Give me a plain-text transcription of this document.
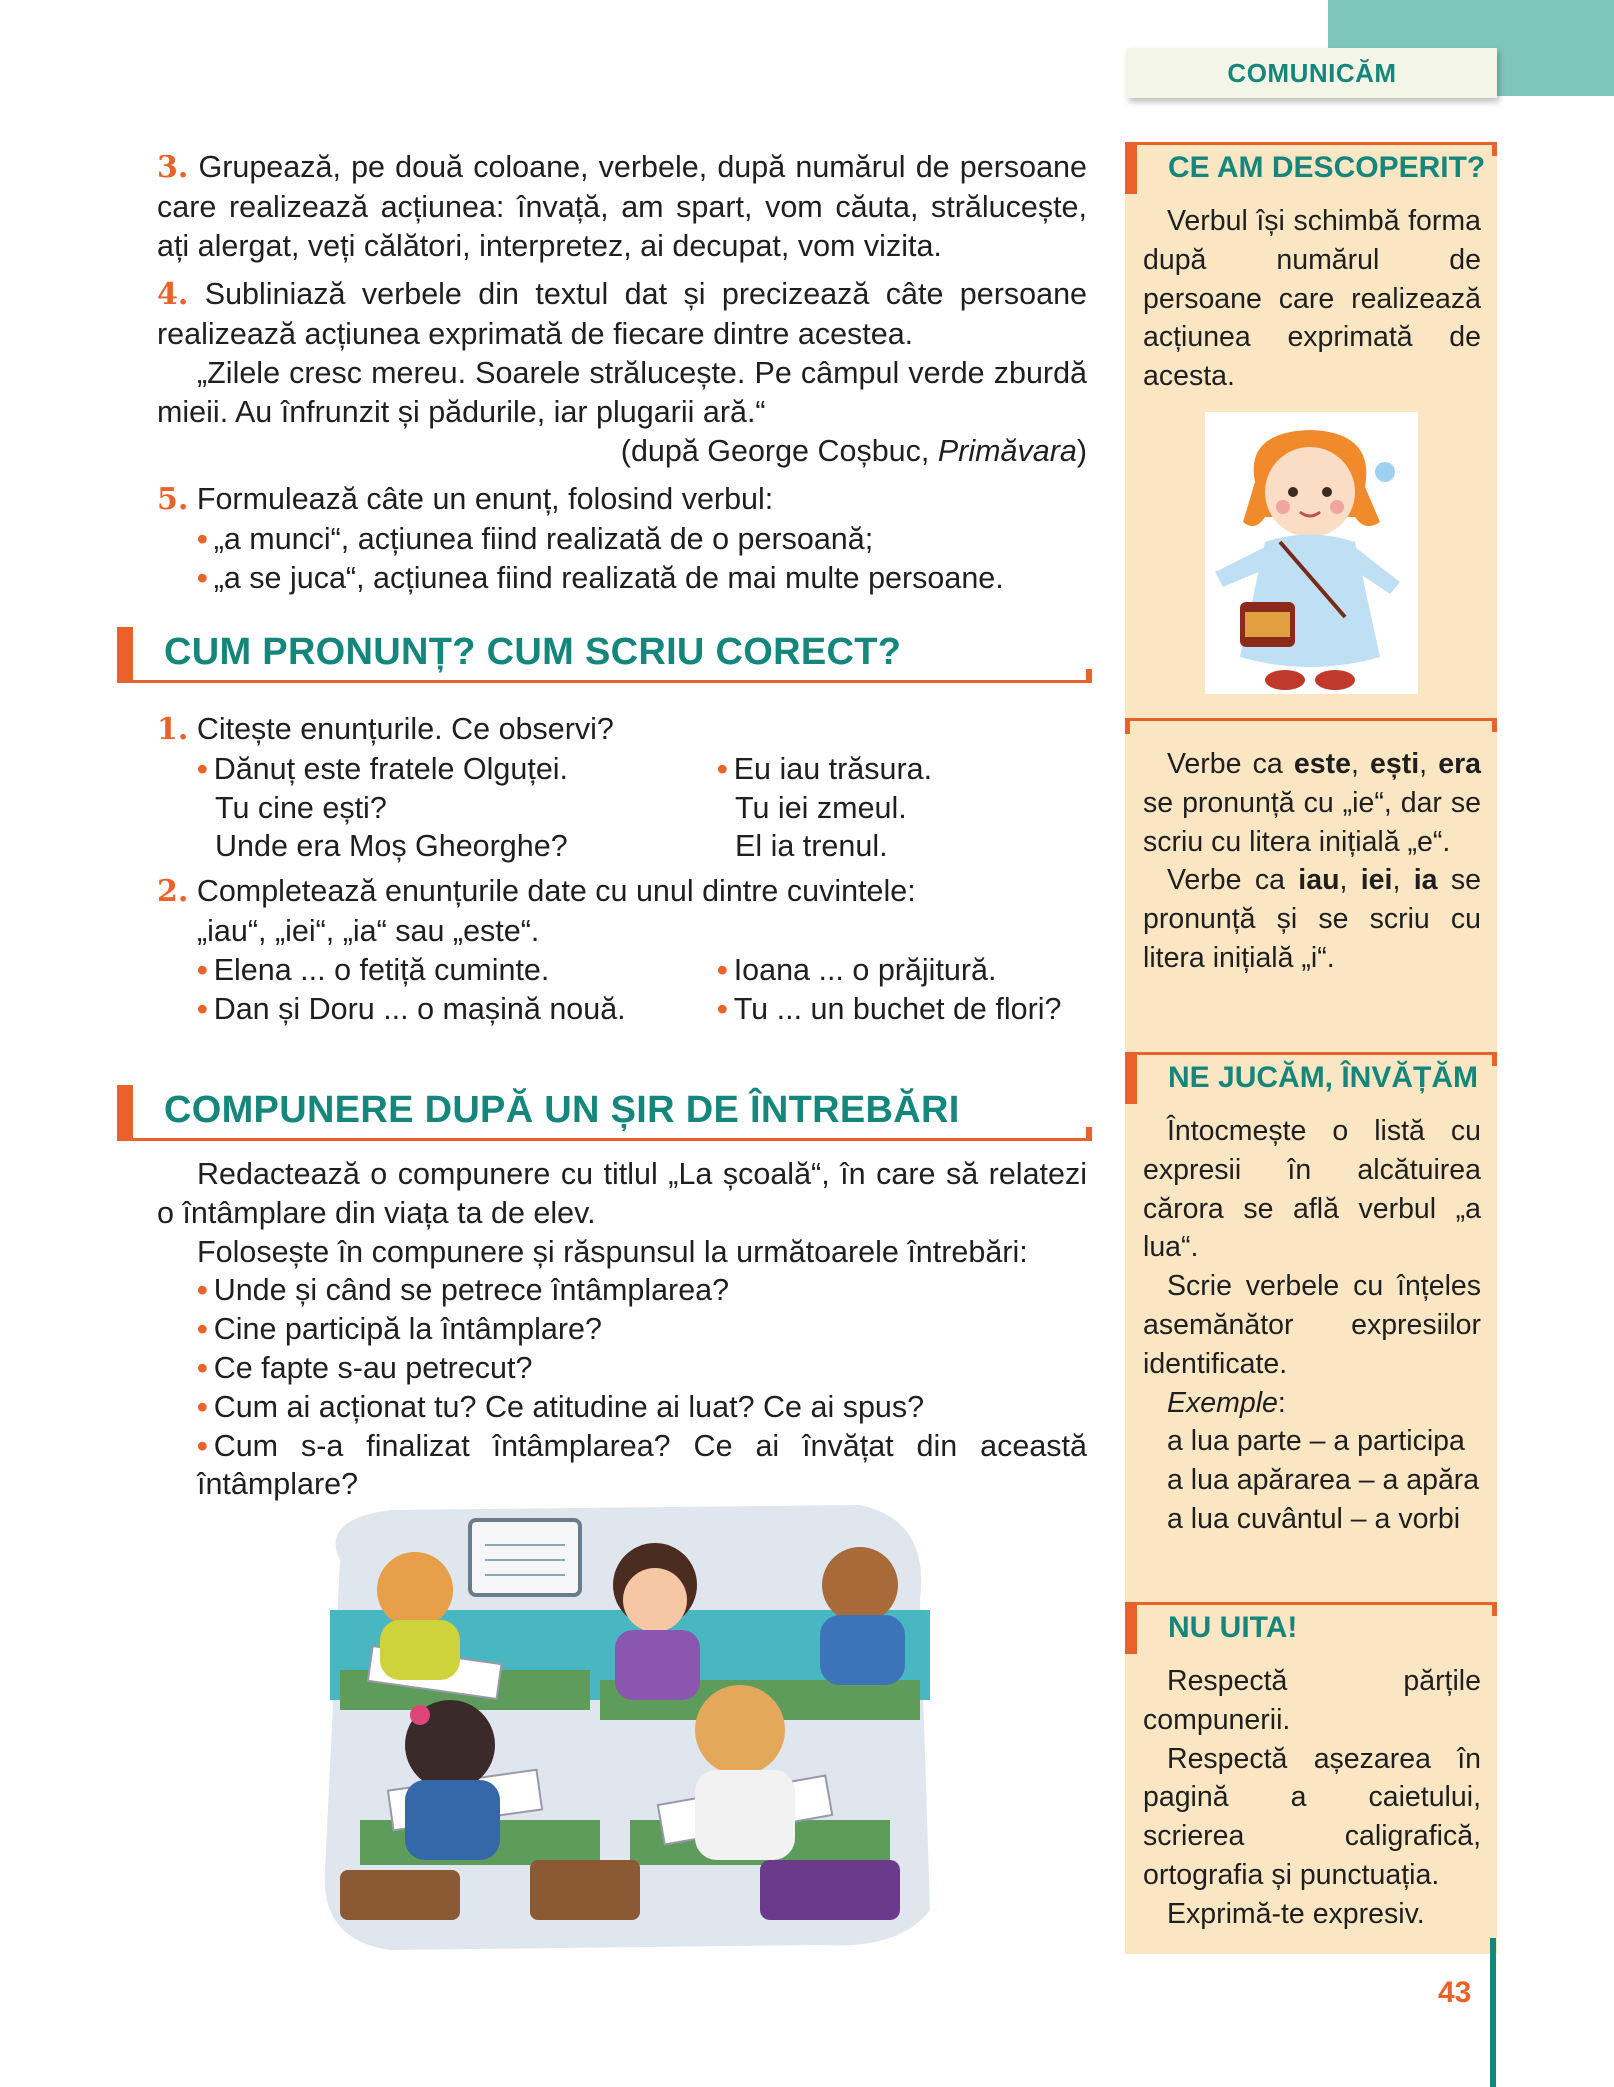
COMUNICĂM

3. Grupează, pe două coloane, verbele, după numărul de persoane care realizează acțiunea: învață, am spart, vom căuta, strălucește, ați alergat, veți călători, interpretez, ai decupat, vom vizita.

4. Subliniază verbele din textul dat și precizează câte persoane realizează acțiunea exprimată de fiecare dintre acestea.

„Zilele cresc mereu. Soarele strălucește. Pe câmpul verde zburdă mieii. Au înfrunzit și pădurile, iar plugarii ară.“

(după George Coșbuc, Primăvara)

5. Formulează câte un enunț, folosind verbul:

• „a munci“, acțiunea fiind realizată de o persoană;

• „a se juca“, acțiunea fiind realizată de mai multe persoane.

CUM PRONUNȚ? CUM SCRIU CORECT?

1. Citește enunțurile. Ce observi?

• Dănuț este fratele Olguței.
Tu cine ești?
Unde era Moș Gheorghe?
• Eu iau trăsura.
Tu iei zmeul.
El ia trenul.

2. Completează enunțurile date cu unul dintre cuvintele:

„iau“, „iei“, „ia“ sau „este“.

• Elena ... o fetiță cuminte.
• Dan și Doru ... o mașină nouă.
• Ioana ... o prăjitură.
• Tu ... un buchet de flori?
COMPUNERE DUPĂ UN ȘIR DE ÎNTREBĂRI

Redactează o compunere cu titlul „La școală“, în care să relatezi o întâmplare din viața ta de elev.

Folosește în compunere și răspunsul la următoarele întrebări:

• Unde și când se petrece întâmplarea?

• Cine participă la întâmplare?

• Ce fapte s-au petrecut?

• Cum ai acționat tu? Ce atitudine ai luat? Ce ai spus?

• Cum s-a finalizat întâmplarea? Ce ai învățat din această întâmplare?

CE AM DESCOPERIT?

Verbul își schimbă forma după numărul de persoane care realizează acțiunea exprimată de acesta.

Verbe ca este, ești, era se pronunță cu „ie“, dar se scriu cu litera inițială „e“.

Verbe ca iau, iei, ia se pronunță și se scriu cu litera inițială „i“.

NE JUCĂM, ÎNVĂȚĂM

Întocmește o listă cu expresii în alcătuirea cărora se află verbul „a lua“.

Scrie verbele cu înțeles asemănător expresiilor identificate.

Exemple:

a lua parte – a participa

a lua apărarea – a apăra

a lua cuvântul – a vorbi

NU UITA!

Respectă părțile compunerii.

Respectă așezarea în pagină a caietului, scrierea caligrafică, ortografia și punctuația.

Exprimă-te expresiv.

43
